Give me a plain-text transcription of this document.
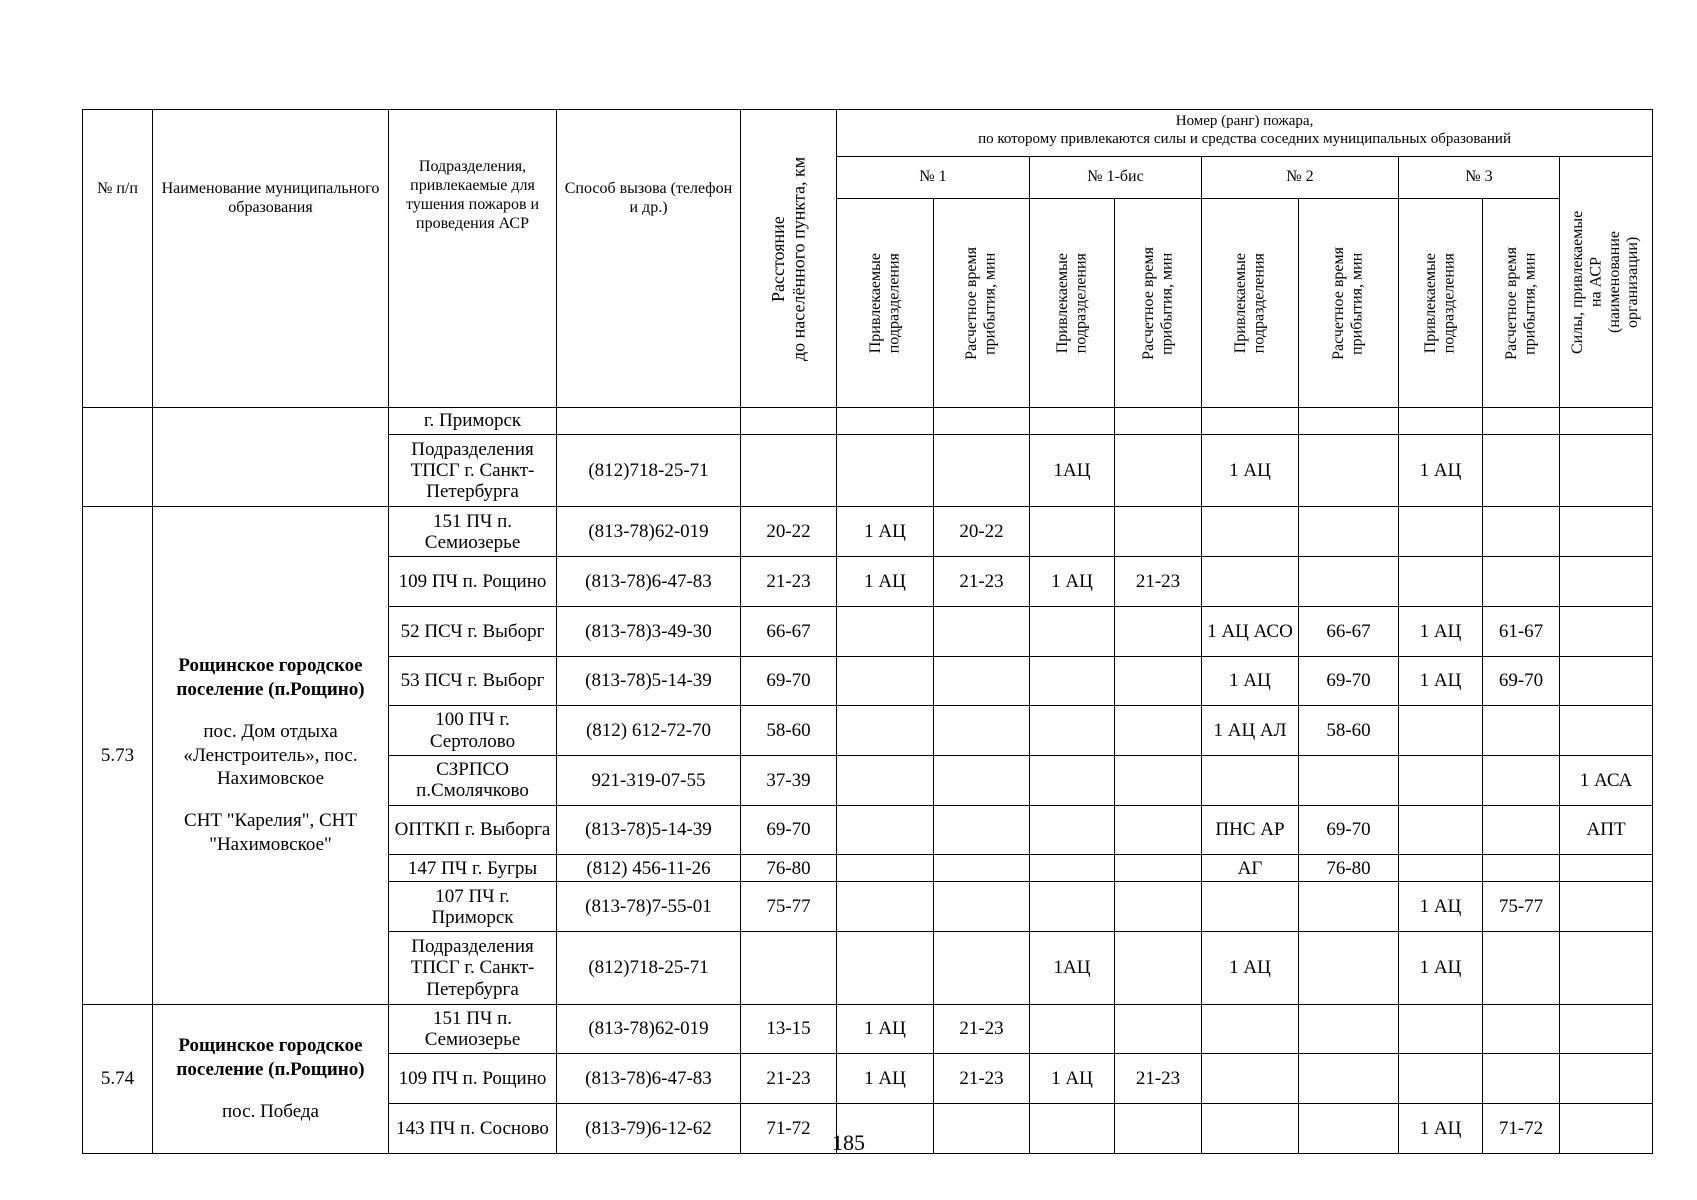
№ п/п	Наименование муниципального образования	Подразделения, привлекаемые для тушения пожаров и проведения АСР	Способ вызова (телефон и др.)	Расстояние
до населённого пункта, км	Номер (ранг) пожара,
по которому привлекаются силы и средства соседних муниципальных образований								
					№ 1		№ 1-бис		№ 2		№ 3		Силы, привлекаемые
на АСР
(наименование
организации)

					Привлекаемые
подразделения	Расчетное время
прибытия, мин	Привлекаемые
подразделения	Расчетное время
прибытия, мин	Привлекаемые
подразделения	Расчетное время
прибытия, мин	Привлекаемые
подразделения	Расчетное время
прибытия, мин	

		г. Приморск											
		Подразделения ТПСГ г. Санкт-Петербурга	(812)718-25-71				1АЦ		1 АЦ		1 АЦ		
5.73	Рощинское городское поселение (п.Рощино)
пос. Дом отдыха «Ленстроитель», пос. Нахимовское
СНТ "Карелия", СНТ "Нахимовское"	151 ПЧ п. Семиозерье	(813-78)62-019	20-22	1 АЦ	20-22							
		109 ПЧ п. Рощино	(813-78)6-47-83	21-23	1 АЦ	21-23	1 АЦ	21-23					
		52 ПСЧ г. Выборг	(813-78)3-49-30	66-67					1 АЦ АСО	66-67	1 АЦ	61-67	
		53 ПСЧ г. Выборг	(813-78)5-14-39	69-70					1 АЦ	69-70	1 АЦ	69-70	
		100 ПЧ г. Сертолово	(812) 612-72-70	58-60					1 АЦ АЛ	58-60			
		СЗРПСО п.Смолячково	921-319-07-55	37-39									1 АСА
		ОПТКП г. Выборга	(813-78)5-14-39	69-70					ПНС АР	69-70			АПТ
		147 ПЧ г. Бугры	(812) 456-11-26	76-80					АГ	76-80			
		107 ПЧ г. Приморск	(813-78)7-55-01	75-77							1 АЦ	75-77	
		Подразделения ТПСГ г. Санкт-Петербурга	(812)718-25-71				1АЦ		1 АЦ		1 АЦ		
5.74	Рощинское городское поселение (п.Рощино)
пос. Победа	151 ПЧ п. Семиозерье	(813-78)62-019	13-15	1 АЦ	21-23							
		109 ПЧ п. Рощино	(813-78)6-47-83	21-23	1 АЦ	21-23	1 АЦ	21-23					
		143 ПЧ п. Сосново	(813-79)6-12-62	71-72							1 АЦ	71-72	
185
